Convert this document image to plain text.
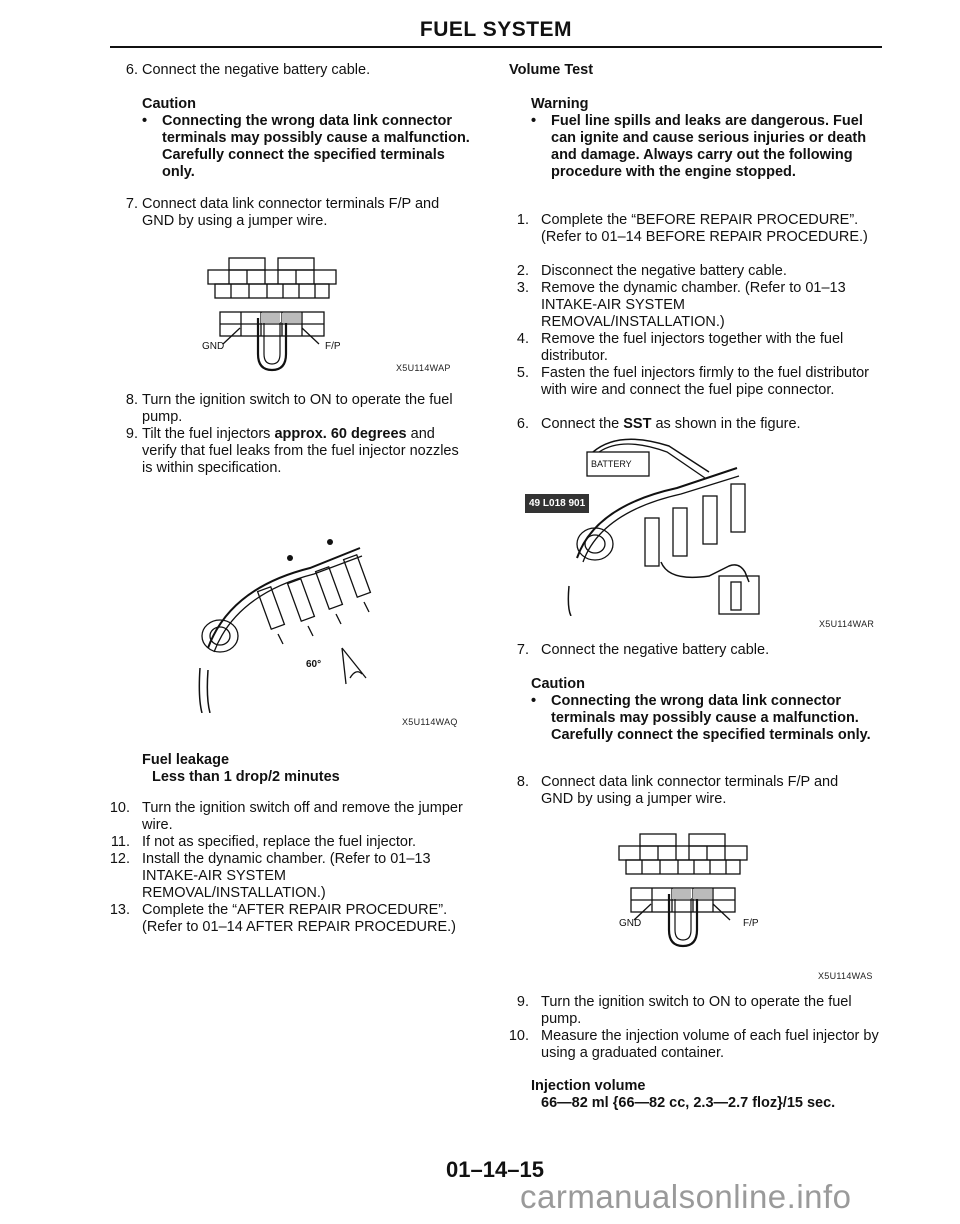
FUEL SYSTEM
6. Connect the negative battery cable.
Caution
• Connecting the wrong data link connector terminals may possibly cause a malfunction. Carefully connect the specified terminals only.
7. Connect data link connector terminals F/P and GND by using a jumper wire.
GND	F/P
X5U114WAP
8. Turn the ignition switch to ON to operate the fuel pump.
9. Tilt the fuel injectors approx. 60 degrees and verify that fuel leaks from the fuel injector nozzles is within specification.
60°
X5U114WAQ
Fuel leakage
Less than 1 drop/2 minutes
10. Turn the ignition switch off and remove the jumper wire.
11. If not as specified, replace the fuel injector.
12. Install the dynamic chamber. (Refer to 01–13 INTAKE-AIR SYSTEM REMOVAL/INSTALLATION.)
13. Complete the “AFTER REPAIR PROCEDURE”. (Refer to 01–14 AFTER REPAIR PROCEDURE.)
Volume Test
Warning
• Fuel line spills and leaks are dangerous. Fuel can ignite and cause serious injuries or death and damage. Always carry out the following procedure with the engine stopped.
1. Complete the “BEFORE REPAIR PROCEDURE”. (Refer to 01–14 BEFORE REPAIR PROCEDURE.)
2. Disconnect the negative battery cable.
3. Remove the dynamic chamber. (Refer to 01–13 INTAKE-AIR SYSTEM REMOVAL/INSTALLATION.)
4. Remove the fuel injectors together with the fuel distributor.
5. Fasten the fuel injectors firmly to the fuel distributor with wire and connect the fuel pipe connector.
6. Connect the SST as shown in the figure.
BATTERY
49 L018 901
X5U114WAR
7. Connect the negative battery cable.
Caution
• Connecting the wrong data link connector terminals may possibly cause a malfunction. Carefully connect the specified terminals only.
8. Connect data link connector terminals F/P and GND by using a jumper wire.
GND	F/P
X5U114WAS
9. Turn the ignition switch to ON to operate the fuel pump.
10. Measure the injection volume of each fuel injector by using a graduated container.
Injection volume
66—82 ml {66—82 cc, 2.3—2.7 floz}/15 sec.
01–14–15
carmanualsonline.info
